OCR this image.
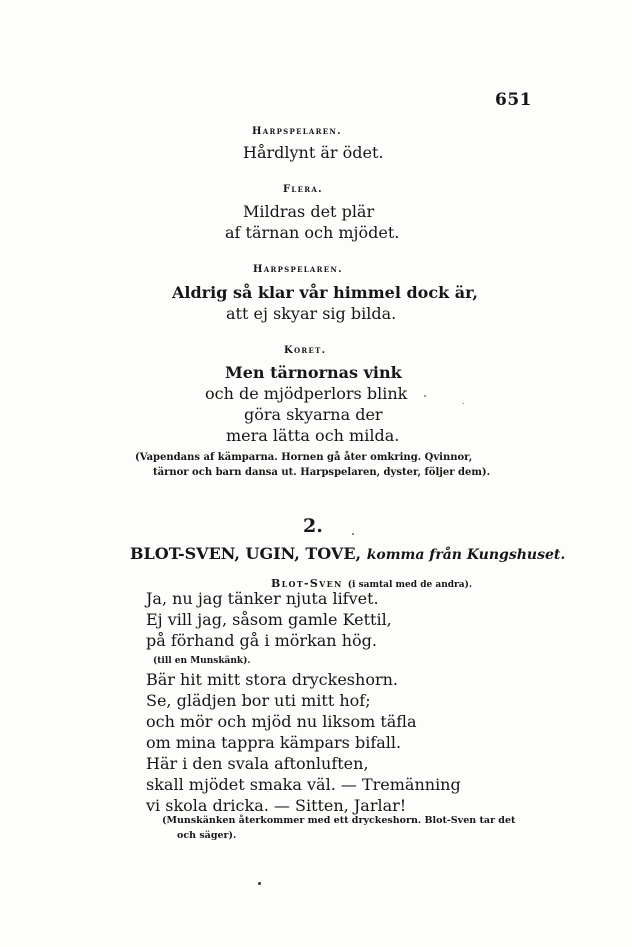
651
Harpspelaren.
Hårdlynt är ödet.
Flera.
Mildras det plär
af tärnan och mjödet.
Harpspelaren.
Aldrig så klar vår himmel dock är,
att ej skyar sig bilda.
Koret.
Men tärnornas vink
och de mjödperlors blink
göra skyarna der
mera lätta och milda.
(Vapendans af kämparna. Hornen gå åter omkring. Qvinnor,
tärnor och barn dansa ut. Harpspelaren, dyster, följer dem).
2.
BLOT-SVEN, UGIN, TOVE, komma från Kungshuset.
Blot-Sven (i samtal med de andra).
Ja, nu jag tänker njuta lifvet.
Ej vill jag, såsom gamle Kettil,
på förhand gå i mörkan hög.
(till en Munskänk).
Bär hit mitt stora dryckeshorn.
Se, glädjen bor uti mitt hof;
och mör och mjöd nu liksom täfla
om mina tappra kämpars bifall.
Här i den svala aftonluften,
skall mjödet smaka väl. — Tremänning
vi skola dricka. — Sitten, Jarlar!
(Munskänken återkommer med ett dryckeshorn. Blot-Sven tar det
och säger).
